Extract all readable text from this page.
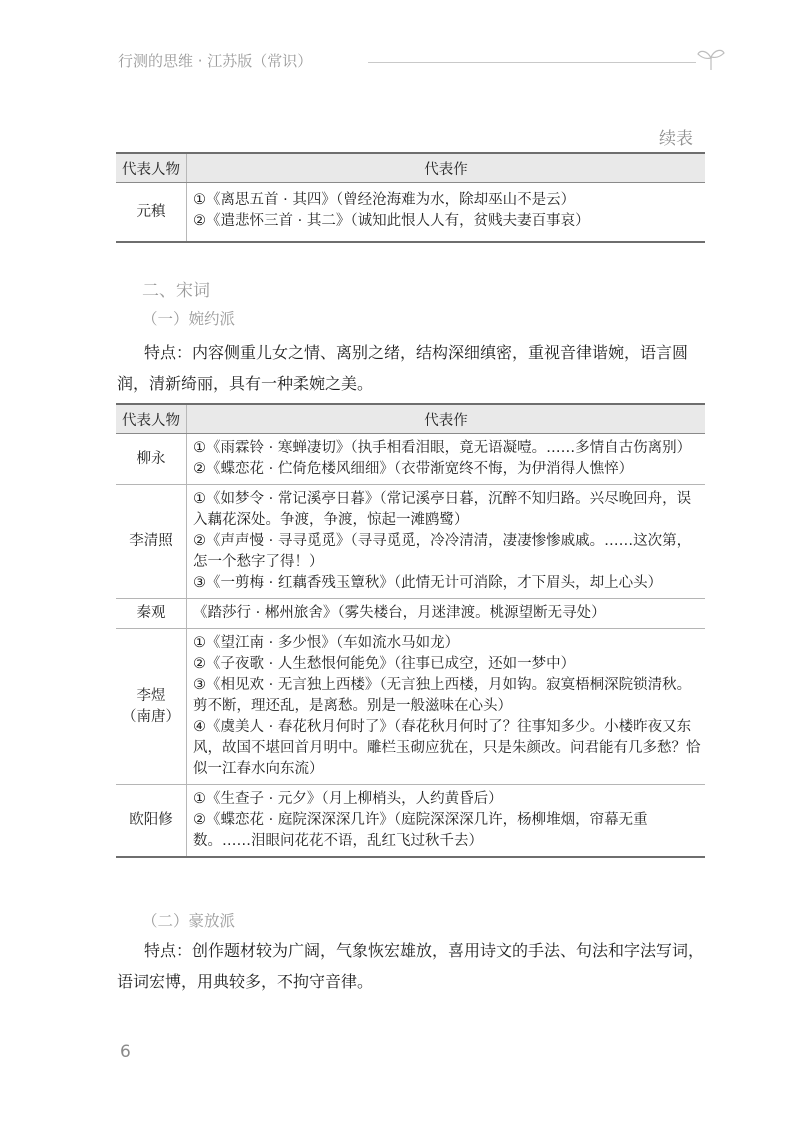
行测的思维 · 江苏版（常识）
续表
代表人物	代表作
元稹	①《离思五首 · 其四》（曾经沧海难为水，除却巫山不是云）
②《遣悲怀三首 · 其二》（诚知此恨人人有，贫贱夫妻百事哀）
二、宋词
（一）婉约派
特点：内容侧重儿女之情、离别之绪，结构深细缜密，重视音律谐婉，语言圆润，清新绮丽，具有一种柔婉之美。
代表人物	代表作
柳永	①《雨霖铃 · 寒蝉凄切》（执手相看泪眼，竟无语凝噎。……多情自古伤离别）
②《蝶恋花 · 伫倚危楼风细细》（衣带渐宽终不悔，为伊消得人憔悴）

李清照	①《如梦令 · 常记溪亭日暮》（常记溪亭日暮，沉醉不知归路。兴尽晚回舟，误入藕花深处。争渡，争渡，惊起一滩鸥鹭）
②《声声慢 · 寻寻觅觅》（寻寻觅觅，冷冷清清，凄凄惨惨戚戚。……这次第，怎一个愁字了得！）
③《一剪梅 · 红藕香残玉簟秋》（此情无计可消除，才下眉头，却上心头）

秦观	《踏莎行 · 郴州旅舍》（雾失楼台，月迷津渡。桃源望断无寻处）

李煜
（南唐）	①《望江南 · 多少恨》（车如流水马如龙）
②《子夜歌 · 人生愁恨何能免》（往事已成空，还如一梦中）
③《相见欢 · 无言独上西楼》（无言独上西楼，月如钩。寂寞梧桐深院锁清秋。剪不断，理还乱，是离愁。别是一般滋味在心头）
④《虞美人 · 春花秋月何时了》（春花秋月何时了？往事知多少。小楼昨夜又东风，故国不堪回首月明中。雕栏玉砌应犹在，只是朱颜改。问君能有几多愁？恰似一江春水向东流）

欧阳修	①《生查子 · 元夕》（月上柳梢头，人约黄昏后）
②《蝶恋花 · 庭院深深深几许》（庭院深深深几许，杨柳堆烟，帘幕无重数。……泪眼问花花不语，乱红飞过秋千去）
（二）豪放派
特点：创作题材较为广阔，气象恢宏雄放，喜用诗文的手法、句法和字法写词，语词宏博，用典较多，不拘守音律。
6
